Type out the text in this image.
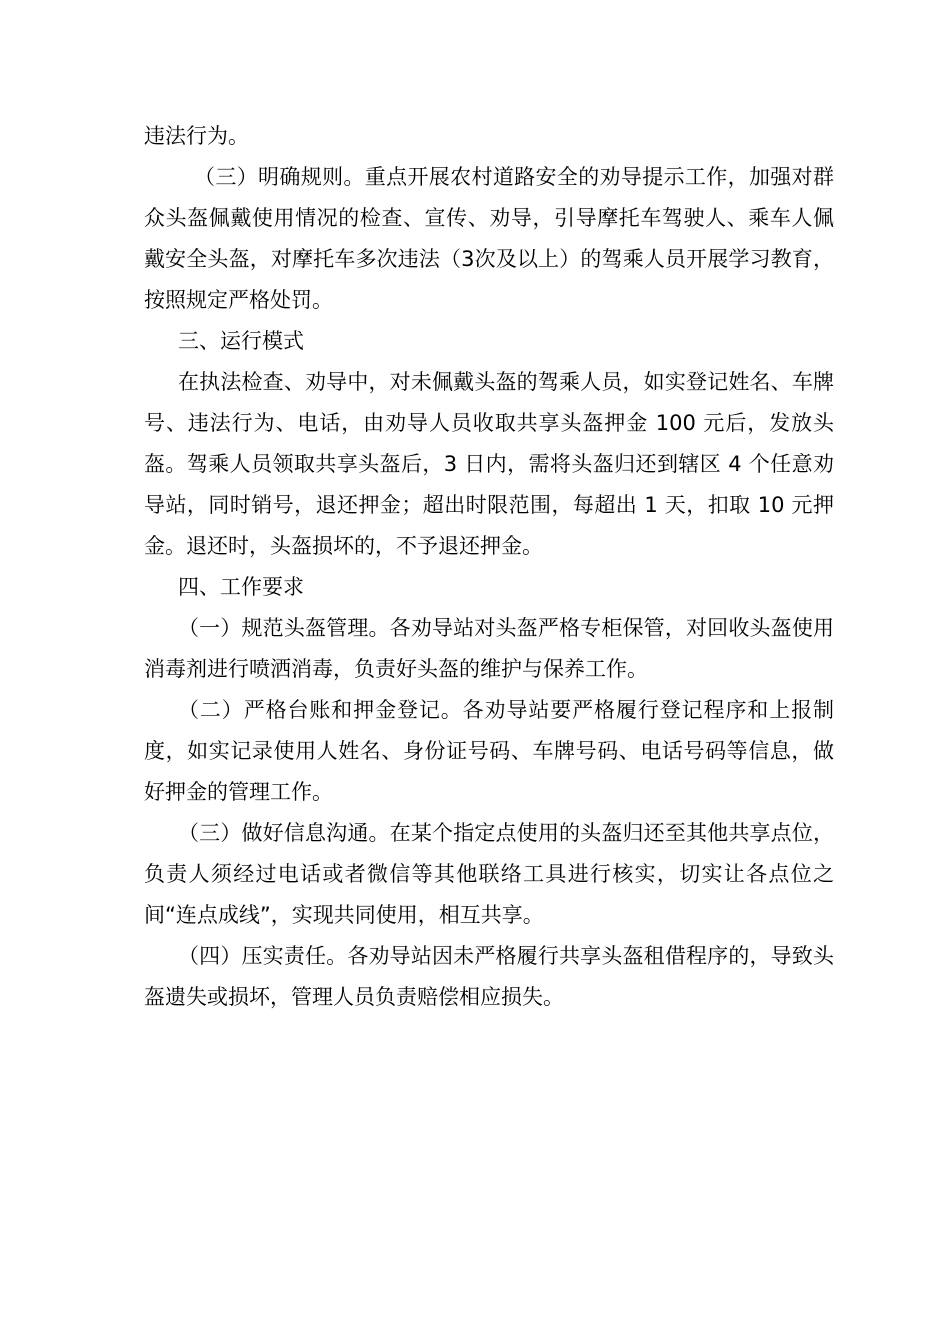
违法行为。

（三）明确规则。重点开展农村道路安全的劝导提示工作，加强对群众头盔佩戴使用情况的检查、宣传、劝导，引导摩托车驾驶人、乘车人佩戴安全头盔，对摩托车多次违法（3次及以上）的驾乘人员开展学习教育，按照规定严格处罚。

三、运行模式

在执法检查、劝导中，对未佩戴头盔的驾乘人员，如实登记姓名、车牌号、违法行为、电话，由劝导人员收取共享头盔押金 100 元后，发放头盔。驾乘人员领取共享头盔后，3 日内，需将头盔归还到辖区 4 个任意劝导站，同时销号，退还押金；超出时限范围，每超出 1 天，扣取 10 元押金。退还时，头盔损坏的，不予退还押金。

四、工作要求

（一）规范头盔管理。各劝导站对头盔严格专柜保管，对回收头盔使用消毒剂进行喷洒消毒，负责好头盔的维护与保养工作。

（二）严格台账和押金登记。各劝导站要严格履行登记程序和上报制度，如实记录使用人姓名、身份证号码、车牌号码、电话号码等信息，做好押金的管理工作。

（三）做好信息沟通。在某个指定点使用的头盔归还至其他共享点位，负责人须经过电话或者微信等其他联络工具进行核实，切实让各点位之间“连点成线”，实现共同使用，相互共享。

（四）压实责任。各劝导站因未严格履行共享头盔租借程序的，导致头盔遗失或损坏，管理人员负责赔偿相应损失。
